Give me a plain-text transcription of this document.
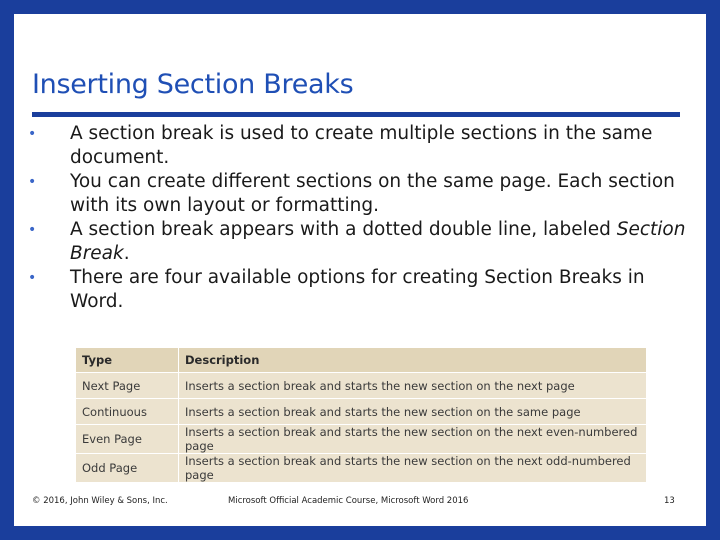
Inserting Section Breaks
• A section break is used to create multiple sections in the same document.
• You can create different sections on the same page. Each section with its own layout or formatting.
• A section break appears with a dotted double line, labeled Section Break.
• There are four available options for creating Section Breaks in Word.
Type	Description
Next Page	Inserts a section break and starts the new section on the next page
Continuous	Inserts a section break and starts the new section on the same page
Even Page	Inserts a section break and starts the new section on the next even-numbered page
Odd Page	Inserts a section break and starts the new section on the next odd-numbered page
© 2016, John Wiley & Sons, Inc.	Microsoft Official Academic Course, Microsoft Word 2016	13
